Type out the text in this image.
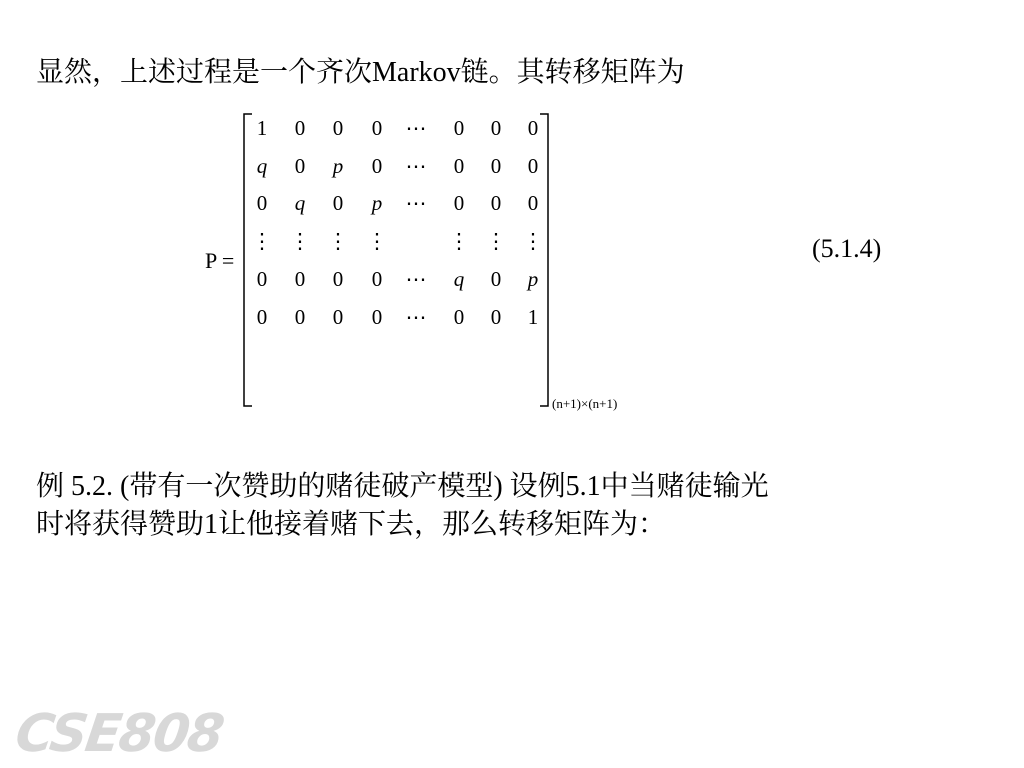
显然，上述过程是一个齐次Markov链。其转移矩阵为
P =
1	0	0	0	⋯	0	0	0
q	0	p	0	⋯	0	0	0
0	q	0	p	⋯	0	0	0
⋮ ⋮ ⋮ ⋮	⋮ ⋮ ⋮
0	0	0	0	⋯	q	0	p
0	0	0	0	⋯	0	0	1
(n+1)×(n+1)
(5.1.4)
例 5.2. (带有一次赞助的赌徒破产模型) 设例5.1中当赌徒输光
时将获得赞助1让他接着赌下去，那么转移矩阵为：
CSE808
